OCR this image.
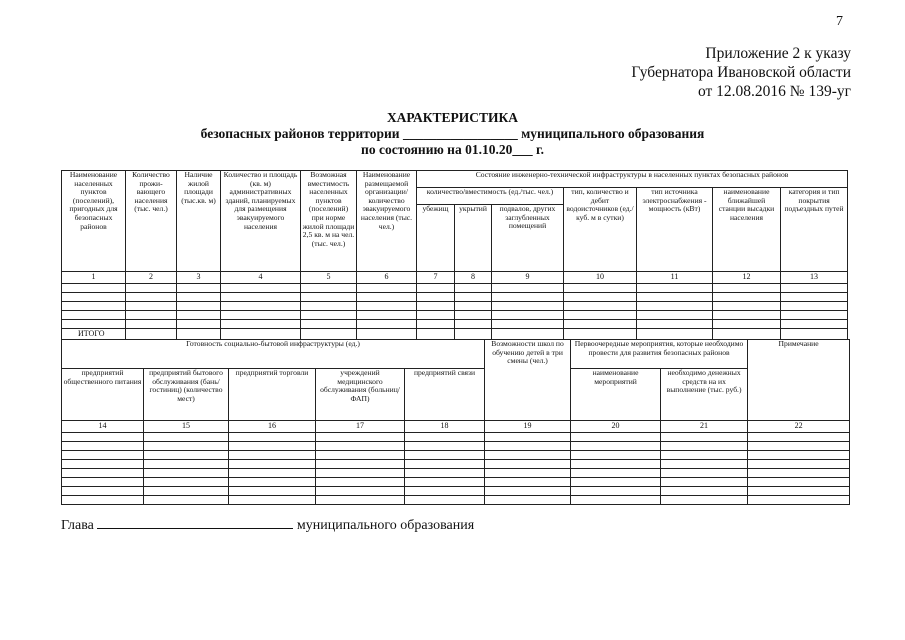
7
Приложение 2 к указу
Губернатора Ивановской области
от 12.08.2016 № 139-уг
ХАРАКТЕРИСТИКА
безопасных районов территории _________________ муниципального образования
по состоянию на 01.10.20___ г.
Наименование населенных пунктов (поселений), пригодных для безопасных районов	Количество прожи-вающего населения (тыс. чел.)	Наличие жилой площади (тыс.кв. м)	Количество и площадь (кв. м) административных зданий, планируемых для размещения эвакуируемого населения	Возможная вместимость населенных пунктов (поселений) при норме жилой площади 2,5 кв. м на чел. (тыс. чел.)	Наименование размещаемой организации/ количество эвакуируемого населения (тыс. чел.)	Состояние инженерно-технической инфраструктуры в населенных пунктах безопасных районов						
						количество/вместимость (ед./тыс. чел.)			тип, количество и дебит водоисточников (ед./куб. м в сутки)	тип источника электроснабжения - мощность (кВт)	наименование ближайшей станции высадки населения	категория и тип покрытия подъездных путей
						убежищ	укрытий	подвалов, других заглубленных помещений				
1	2	3	4	5	6	7	8	9	10	11	12	13

ИТОГО												
Готовность социально-бытовой инфраструктуры (ед.)					Возможности школ по обучению детей в три смены (чел.)	Первоочередные мероприятия, которые необходимо провести для развития безопасных районов		Примечание
предприятий общественного питания	предприятий бытового обслуживания (бань/гостиниц) (количество мест)	предприятий торговли	учреждений медицинского обслуживания (больниц/ФАП)	предприятий связи		наименование мероприятий	необходимо денежных средств на их выполнение (тыс. руб.)	
14	15	16	17	18	19	20	21	22

Глава	муниципального образования
